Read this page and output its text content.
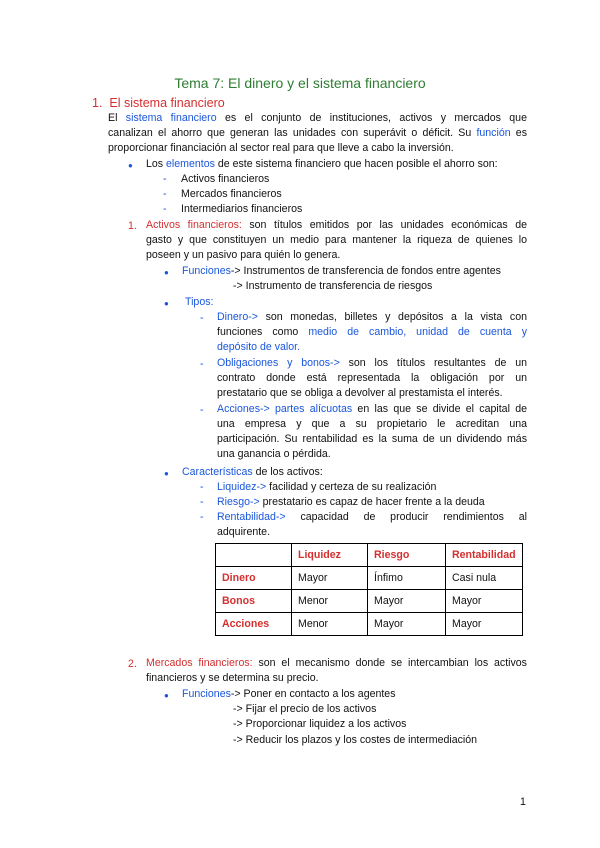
Tema 7: El dinero y el sistema financiero
1. El sistema financiero
El sistema financiero es el conjunto de instituciones, activos y mercados que
canalizan el ahorro que generan las unidades con superávit o déficit. Su función es
proporcionar financiación al sector real para que lleve a cabo la inversión.
● Los elementos de este sistema financiero que hacen posible el ahorro son:
- Activos financieros
- Mercados financieros
- Intermediarios financieros
1. Activos financieros: son títulos emitidos por las unidades económicas de
gasto y que constituyen un medio para mantener la riqueza de quienes lo
poseen y un pasivo para quién lo genera.
● Funciones-> Instrumentos de transferencia de fondos entre agentes
-> Instrumento de transferencia de riesgos
● Tipos:
- Dinero-> son monedas, billetes y depósitos a la vista con
funciones como medio de cambio, unidad de cuenta y
depósito de valor.
- Obligaciones y bonos-> son los títulos resultantes de un
contrato donde está representada la obligación por un
prestatario que se obliga a devolver al prestamista el interés.
- Acciones-> partes alícuotas en las que se divide el capital de
una empresa y que a su propietario le acreditan una
participación. Su rentabilidad es la suma de un dividendo más
una ganancia o pérdida.
● Características de los activos:
- Liquidez-> facilidad y certeza de su realización
- Riesgo-> prestatario es capaz de hacer frente a la deuda
- Rentabilidad-> capacidad de producir rendimientos al
adquirente.
	Liquidez	Riesgo	Rentabilidad
Dinero	Mayor	Ínfimo	Casi nula
Bonos	Menor	Mayor	Mayor
Acciones	Menor	Mayor	Mayor
2. Mercados financieros: son el mecanismo donde se intercambian los activos
financieros y se determina su precio.
● Funciones-> Poner en contacto a los agentes
-> Fijar el precio de los activos
-> Proporcionar liquidez a los activos
-> Reducir los plazos y los costes de intermediación
1
